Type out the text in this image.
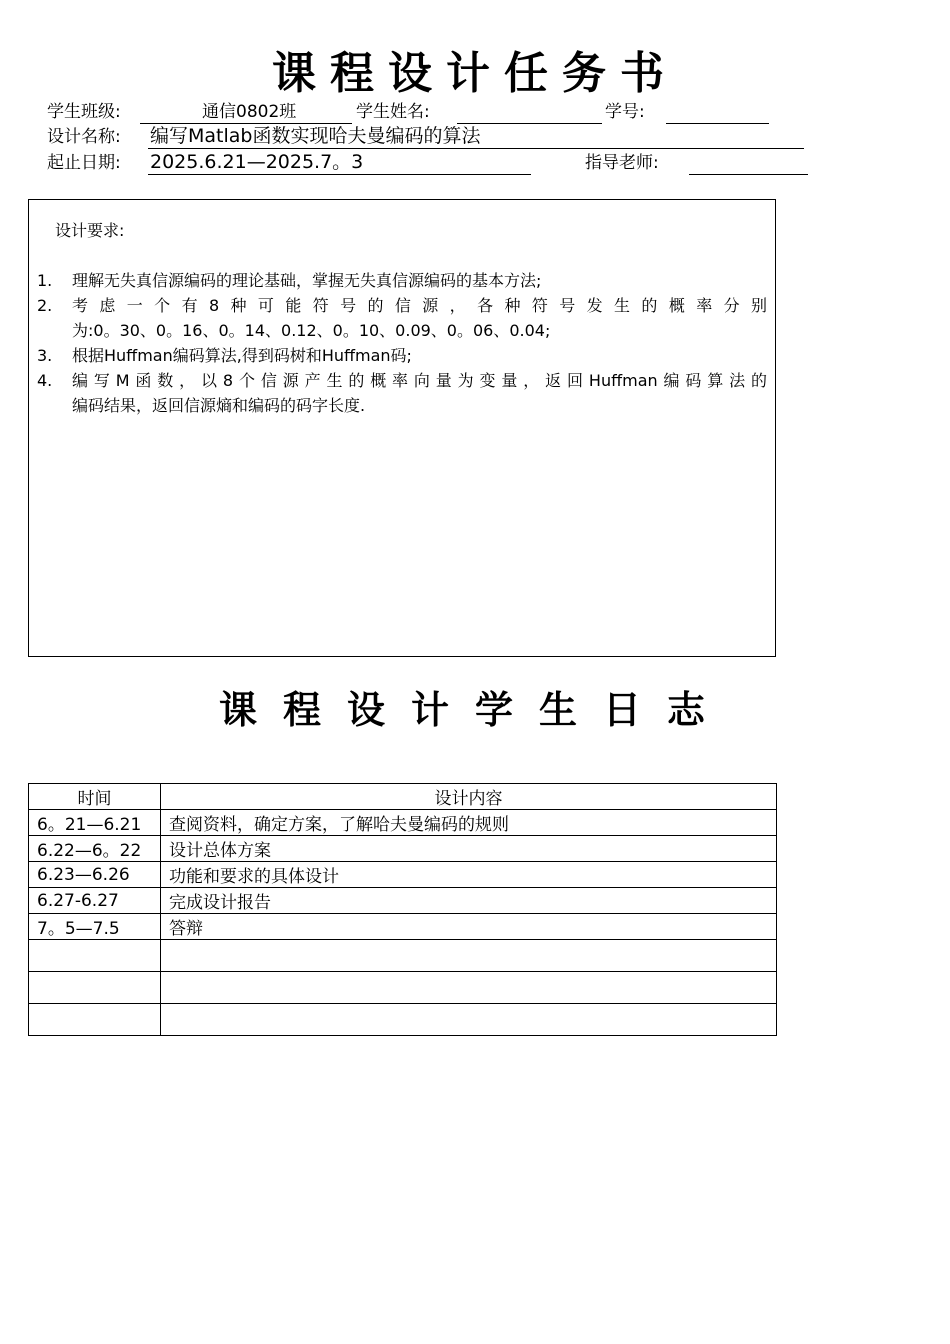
课程设计任务书
学生班级:	通信0802班	学生姓名:	学号:
设计名称: 编写Matlab函数实现哈夫曼编码的算法
起止日期: 2025.6.21—2025.7。3	指导老师:
设计要求:
1.	理解无失真信源编码的理论基础，掌握无失真信源编码的基本方法;
2.	考虑一个有8种可能符号的信源，各种符号发生的概率分别
为:0。30、0。16、0。14、0.12、0。10、0.09、0。06、0.04;
3.	根据Huffman编码算法,得到码树和Huffman码;
4.	编写M函数，以8个信源产生的概率向量为变量，返回Huffman编码算法的
编码结果，返回信源熵和编码的码字长度.
课程设计学生日志
时间	设计内容
6。21—6.21	查阅资料，确定方案，了解哈夫曼编码的规则
6.22—6。22	设计总体方案
6.23—6.26	功能和要求的具体设计
6.27-6.27	完成设计报告
7。5—7.5	答辩
